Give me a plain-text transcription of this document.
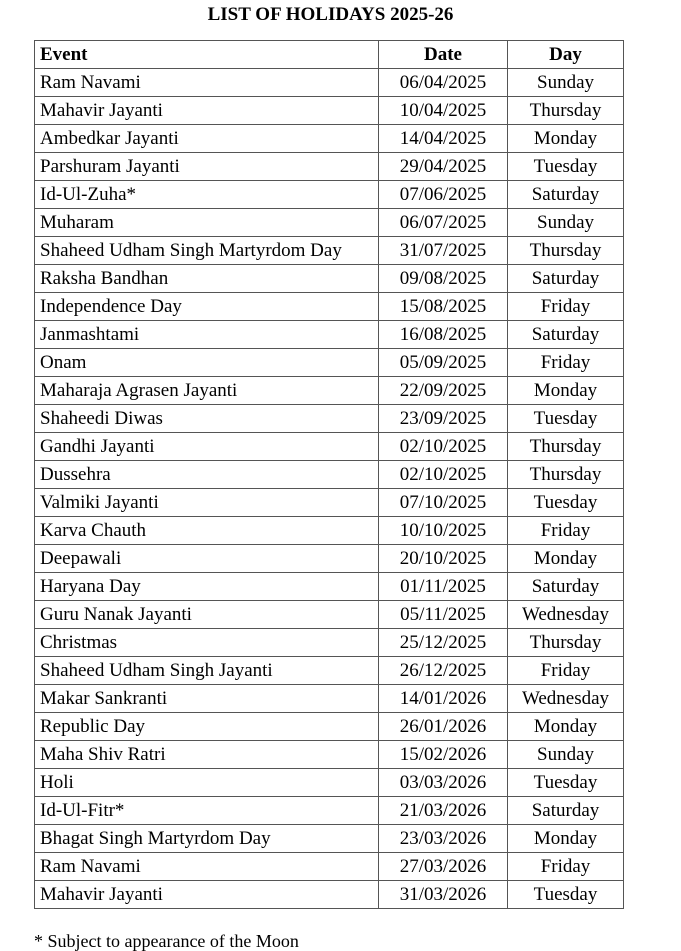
LIST OF HOLIDAYS 2025-26
Event	Date	Day
Ram Navami	06/04/2025	Sunday
Mahavir Jayanti	10/04/2025	Thursday
Ambedkar Jayanti	14/04/2025	Monday
Parshuram Jayanti	29/04/2025	Tuesday
Id-Ul-Zuha*	07/06/2025	Saturday
Muharam	06/07/2025	Sunday
Shaheed Udham Singh Martyrdom Day	31/07/2025	Thursday
Raksha Bandhan	09/08/2025	Saturday
Independence Day	15/08/2025	Friday
Janmashtami	16/08/2025	Saturday
Onam	05/09/2025	Friday
Maharaja Agrasen Jayanti	22/09/2025	Monday
Shaheedi Diwas	23/09/2025	Tuesday
Gandhi Jayanti	02/10/2025	Thursday
Dussehra	02/10/2025	Thursday
Valmiki Jayanti	07/10/2025	Tuesday
Karva Chauth	10/10/2025	Friday
Deepawali	20/10/2025	Monday
Haryana Day	01/11/2025	Saturday
Guru Nanak Jayanti	05/11/2025	Wednesday
Christmas	25/12/2025	Thursday
Shaheed Udham Singh Jayanti	26/12/2025	Friday
Makar Sankranti	14/01/2026	Wednesday
Republic Day	26/01/2026	Monday
Maha Shiv Ratri	15/02/2026	Sunday
Holi	03/03/2026	Tuesday
Id-Ul-Fitr*	21/03/2026	Saturday
Bhagat Singh Martyrdom Day	23/03/2026	Monday
Ram Navami	27/03/2026	Friday
Mahavir Jayanti	31/03/2026	Tuesday
* Subject to appearance of the Moon
